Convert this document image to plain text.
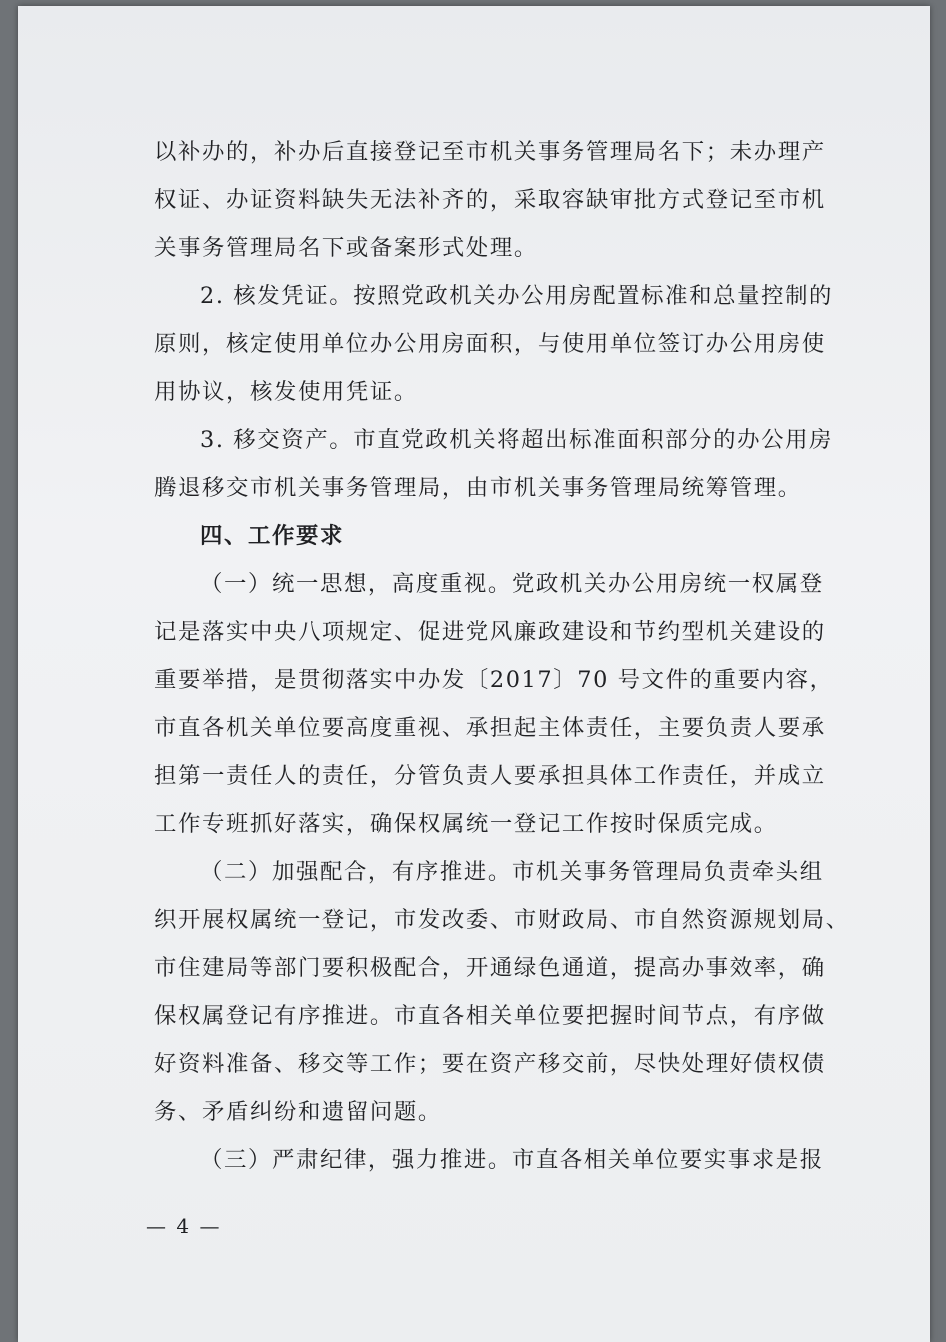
以补办的，补办后直接登记至市机关事务管理局名下；未办理产
权证、办证资料缺失无法补齐的，采取容缺审批方式登记至市机
关事务管理局名下或备案形式处理。
2. 核发凭证。按照党政机关办公用房配置标准和总量控制的
原则，核定使用单位办公用房面积，与使用单位签订办公用房使
用协议，核发使用凭证。
3. 移交资产。市直党政机关将超出标准面积部分的办公用房
腾退移交市机关事务管理局，由市机关事务管理局统筹管理。
四、工作要求
（一）统一思想，高度重视。党政机关办公用房统一权属登
记是落实中央八项规定、促进党风廉政建设和节约型机关建设的
重要举措，是贯彻落实中办发〔2017〕70 号文件的重要内容，
市直各机关单位要高度重视、承担起主体责任，主要负责人要承
担第一责任人的责任，分管负责人要承担具体工作责任，并成立
工作专班抓好落实，确保权属统一登记工作按时保质完成。
（二）加强配合，有序推进。市机关事务管理局负责牵头组
织开展权属统一登记，市发改委、市财政局、市自然资源规划局、
市住建局等部门要积极配合，开通绿色通道，提高办事效率，确
保权属登记有序推进。市直各相关单位要把握时间节点，有序做
好资料准备、移交等工作；要在资产移交前，尽快处理好债权债
务、矛盾纠纷和遗留问题。
（三）严肃纪律，强力推进。市直各相关单位要实事求是报
— 4 —
